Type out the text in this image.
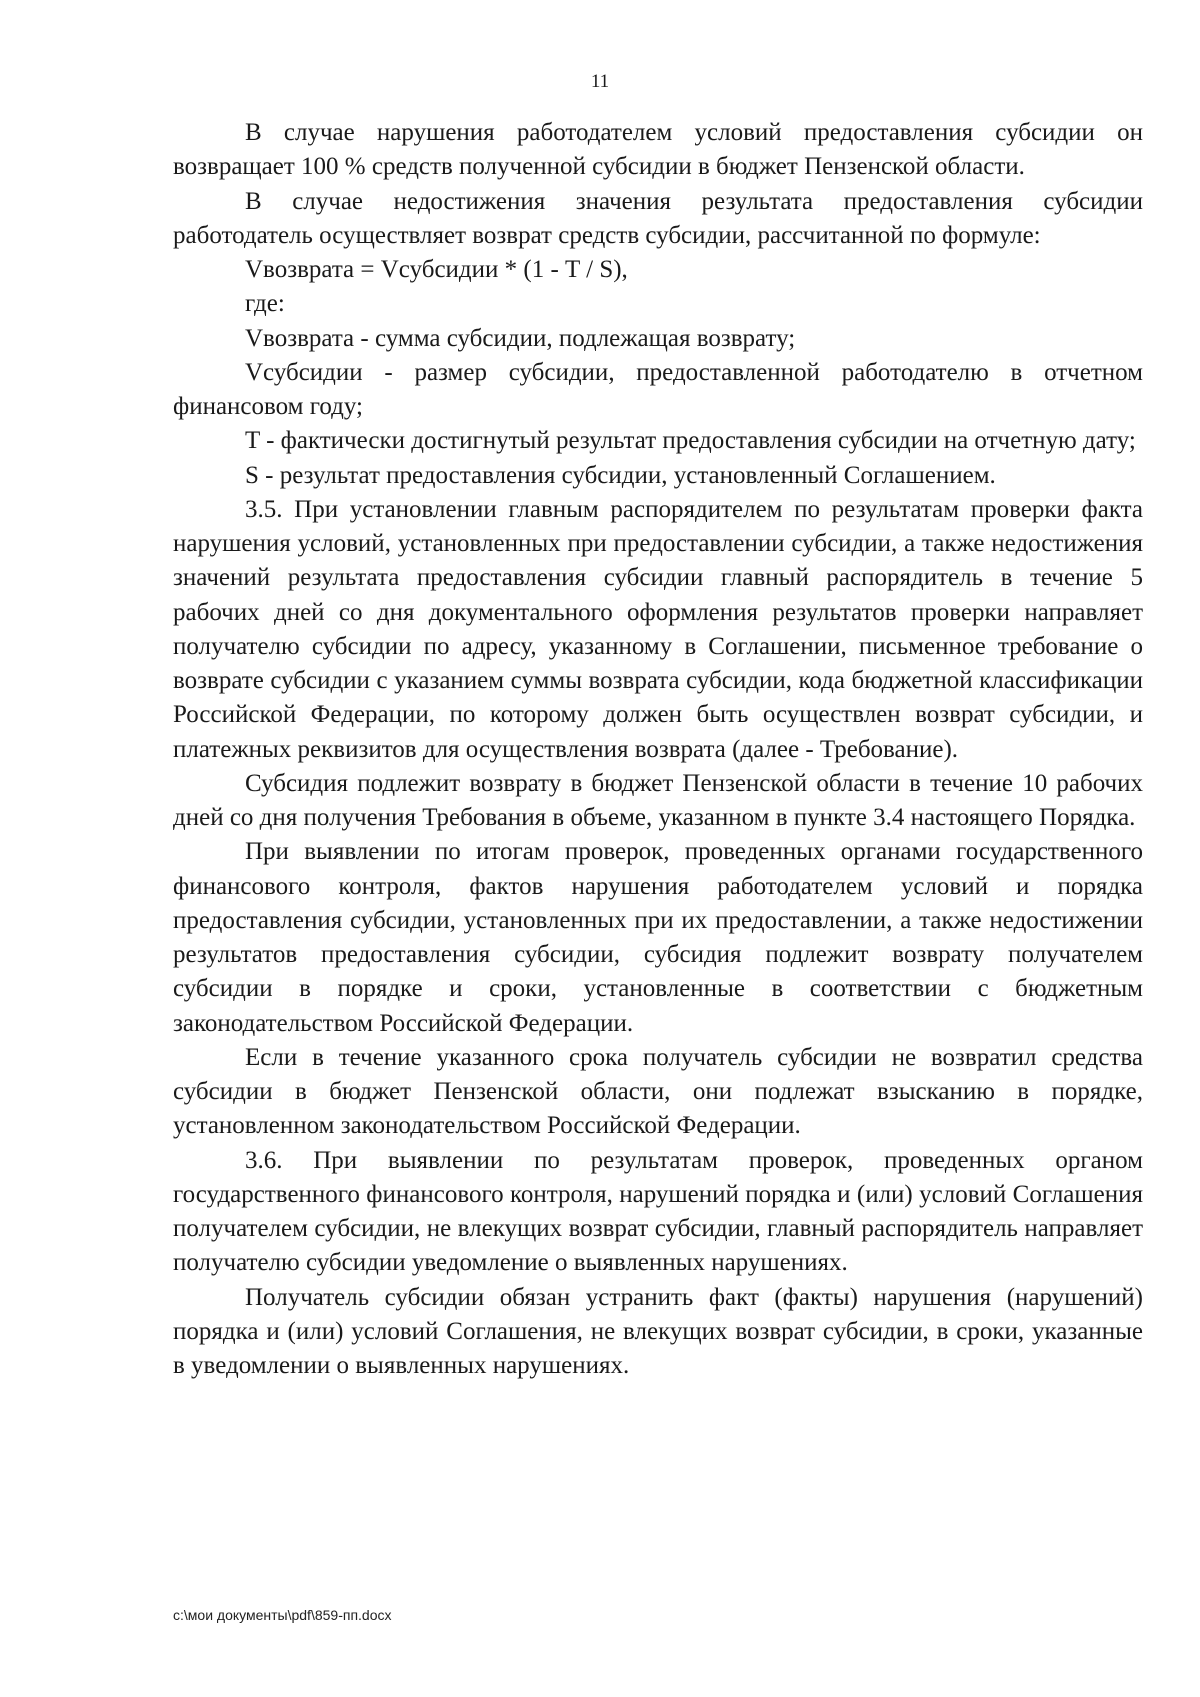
11

В случае нарушения работодателем условий предоставления субсидии он возвращает 100 % средств полученной субсидии в бюджет Пензенской области.

В случае недостижения значения результата предоставления субсидии работодатель осуществляет возврат средств субсидии, рассчитанной по формуле:

Vвозврата = Vсубсидии * (1 - T / S),

где:

Vвозврата - сумма субсидии, подлежащая возврату;

Vсубсидии - размер субсидии, предоставленной работодателю в отчетном финансовом году;

T - фактически достигнутый результат предоставления субсидии на отчетную дату;

S - результат предоставления субсидии, установленный Соглашением.

3.5. При установлении главным распорядителем по результатам проверки факта нарушения условий, установленных при предоставлении субсидии, а также недостижения значений результата предоставления субсидии главный распорядитель в течение 5 рабочих дней со дня документального оформления результатов проверки направляет получателю субсидии по адресу, указанному в Соглашении, письменное требование о возврате субсидии с указанием суммы возврата субсидии, кода бюджетной классификации Российской Федерации, по которому должен быть осуществлен возврат субсидии, и платежных реквизитов для осуществления возврата (далее - Требование).

Субсидия подлежит возврату в бюджет Пензенской области в течение 10 рабочих дней со дня получения Требования в объеме, указанном в пункте 3.4 настоящего Порядка.

При выявлении по итогам проверок, проведенных органами государственного финансового контроля, фактов нарушения работодателем условий и порядка предоставления субсидии, установленных при их предоставлении, а также недостижении результатов предоставления субсидии, субсидия подлежит возврату получателем субсидии в порядке и сроки, установленные в соответствии с бюджетным законодательством Российской Федерации.

Если в течение указанного срока получатель субсидии не возвратил средства субсидии в бюджет Пензенской области, они подлежат взысканию в порядке, установленном законодательством Российской Федерации.

3.6. При выявлении по результатам проверок, проведенных органом государственного финансового контроля, нарушений порядка и (или) условий Соглашения получателем субсидии, не влекущих возврат субсидии, главный распорядитель направляет получателю субсидии уведомление о выявленных нарушениях.

Получатель субсидии обязан устранить факт (факты) нарушения (нарушений) порядка и (или) условий Соглашения, не влекущих возврат субсидии, в сроки, указанные в уведомлении о выявленных нарушениях.

c:\мои документы\pdf\859-пп.docx
